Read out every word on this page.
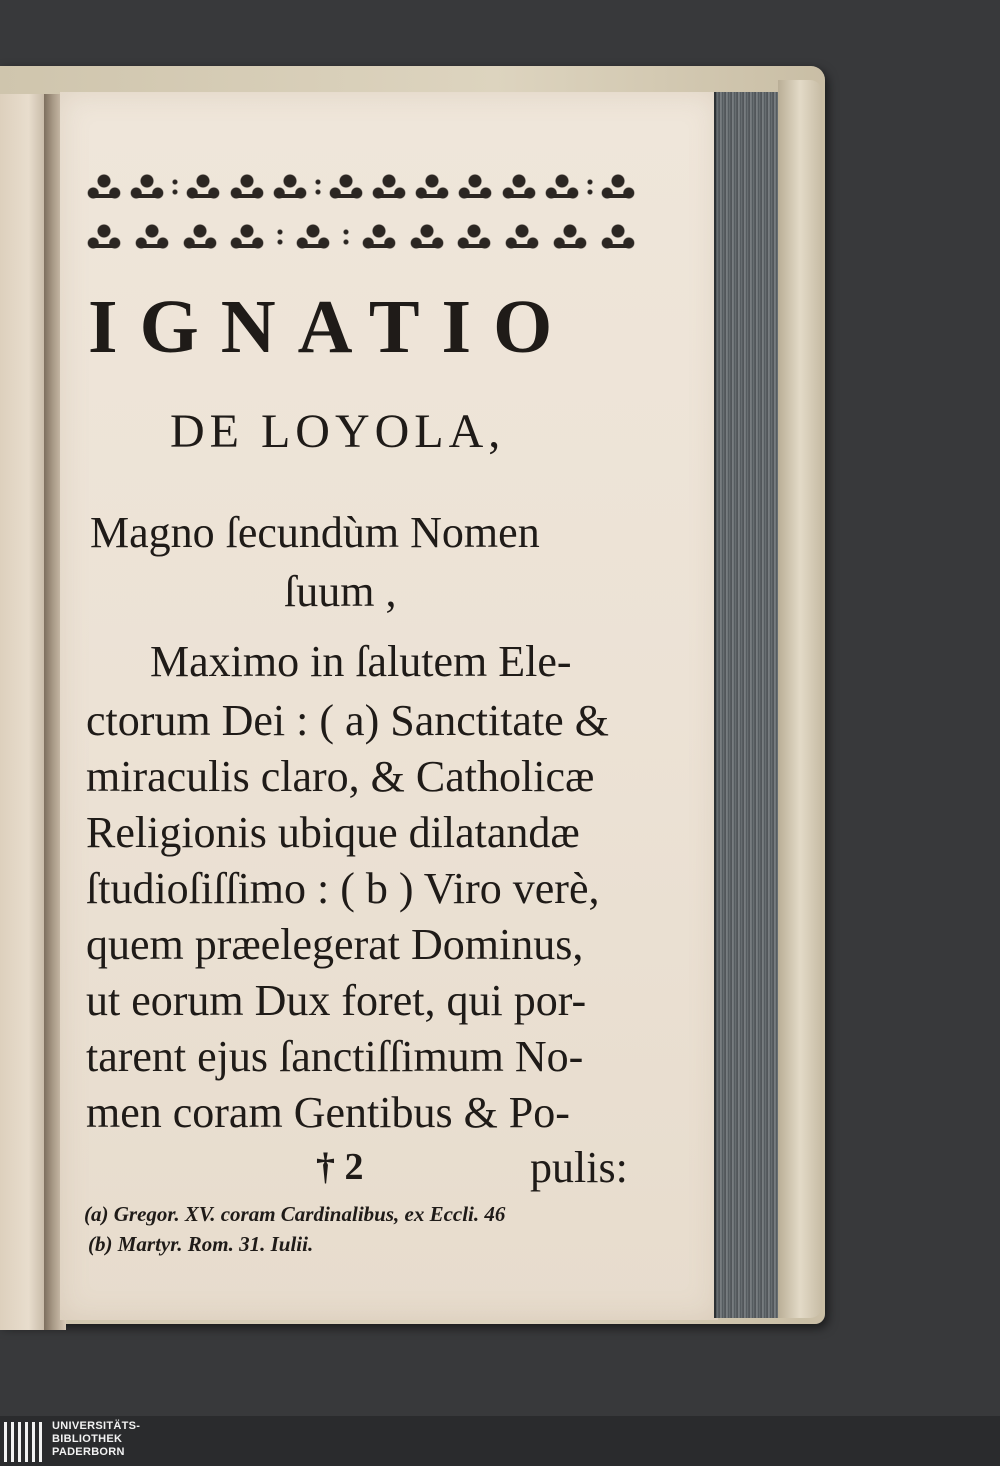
IGNATIO
DE LOYOLA,
Magno ſecundùm Nomen
ſuum ,
Maximo in ſalutem Ele-
ctorum Dei : ( a) Sanctitate &
miraculis claro, & Catholicæ
Religionis ubique dilatandæ
ſtudioſiſſimo : ( b ) Viro verè,
quem præelegerat Dominus,
ut eorum Dux foret, qui por-
tarent ejus ſanctiſſimum No-
men coram Gentibus & Po-
† 2	pulis:
(a) Gregor. XV. coram Cardinalibus, ex Eccli. 46
(b) Martyr. Rom. 31. Iulii.
UNIVERSITÄTS-
BIBLIOTHEK
PADERBORN
